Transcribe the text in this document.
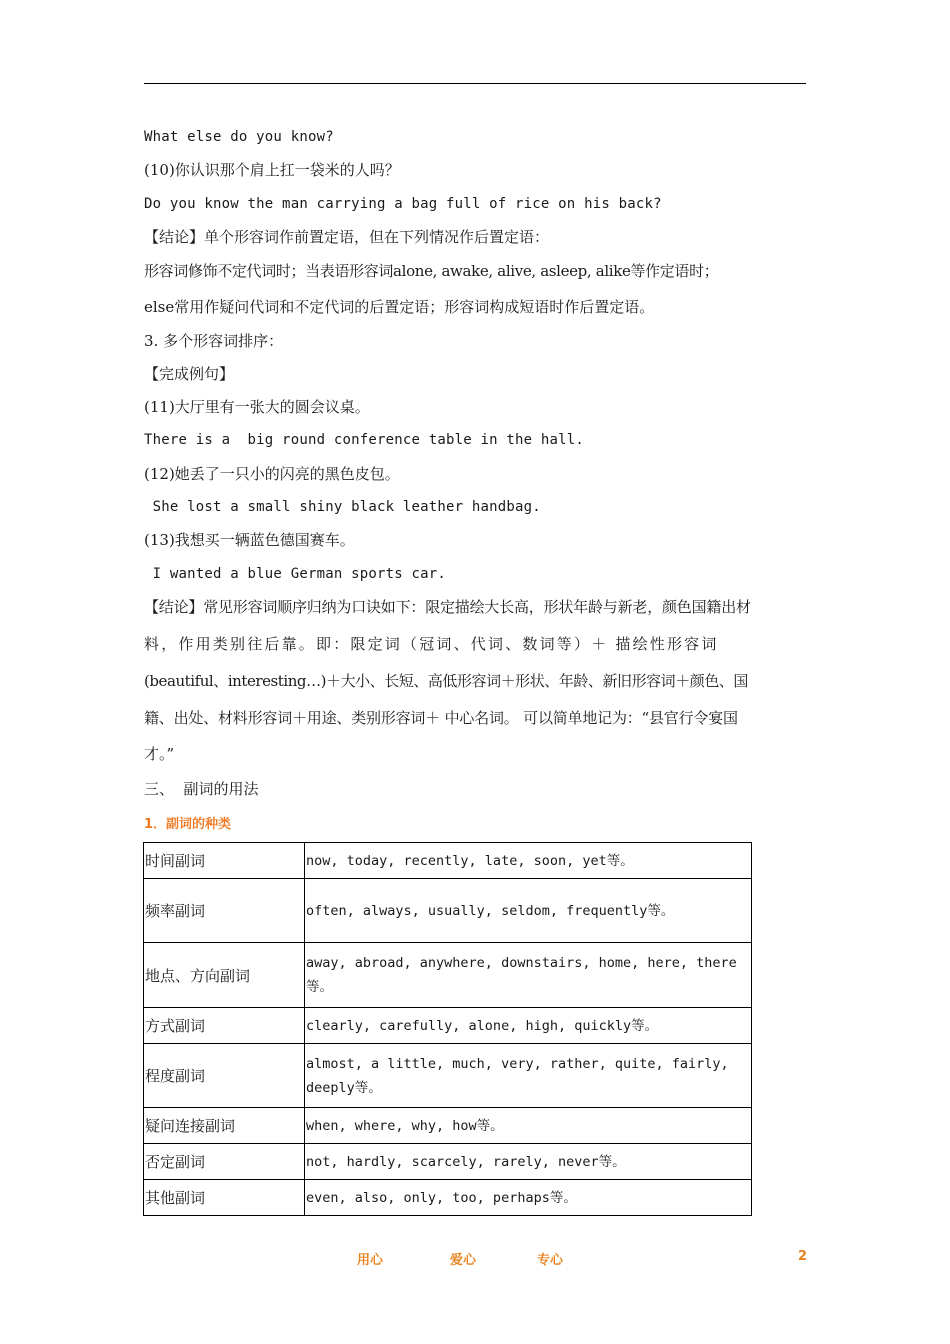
What else do you know?
(10)你认识那个肩上扛一袋米的人吗？
Do you know the man carrying a bag full of rice on his back?
【结论】单个形容词作前置定语，但在下列情况作后置定语：
形容词修饰不定代词时；当表语形容词alone, awake, alive, asleep, alike等作定语时；
else常用作疑问代词和不定代词的后置定语；形容词构成短语时作后置定语。
3. 多个形容词排序：
【完成例句】
(11)大厅里有一张大的圆会议桌。
There is a  big round conference table in the hall.
(12)她丢了一只小的闪亮的黑色皮包。
She lost a small shiny black leather handbag.
(13)我想买一辆蓝色德国赛车。
I wanted a blue German sports car.
【结论】常见形容词顺序归纳为口诀如下：限定描绘大长高，形状年龄与新老，颜色国籍出材
料，作用类别往后靠。即：限定词（冠词、代词、数词等）＋ 描绘性形容词
(beautiful、interesting…)＋大小、长短、高低形容词＋形状、年龄、新旧形容词＋颜色、国
籍、出处、材料形容词＋用途、类别形容词＋ 中心名词。 可以简单地记为：“县官行令宴国
才。”
三、  副词的用法
1．副词的种类
时间副词	now, today, recently, late, soon, yet等。
频率副词	often, always, usually, seldom, frequently等。
地点、方向副词	away, abroad, anywhere, downstairs, home, here, there等。
方式副词	clearly, carefully, alone, high, quickly等。
程度副词	almost, a little, much, very, rather, quite, fairly, deeply等。
疑问连接副词	when, where, why, how等。
否定副词	not, hardly, scarcely, rarely, never等。
其他副词	even, also, only, too, perhaps等。
用心	爱心	专心	2
